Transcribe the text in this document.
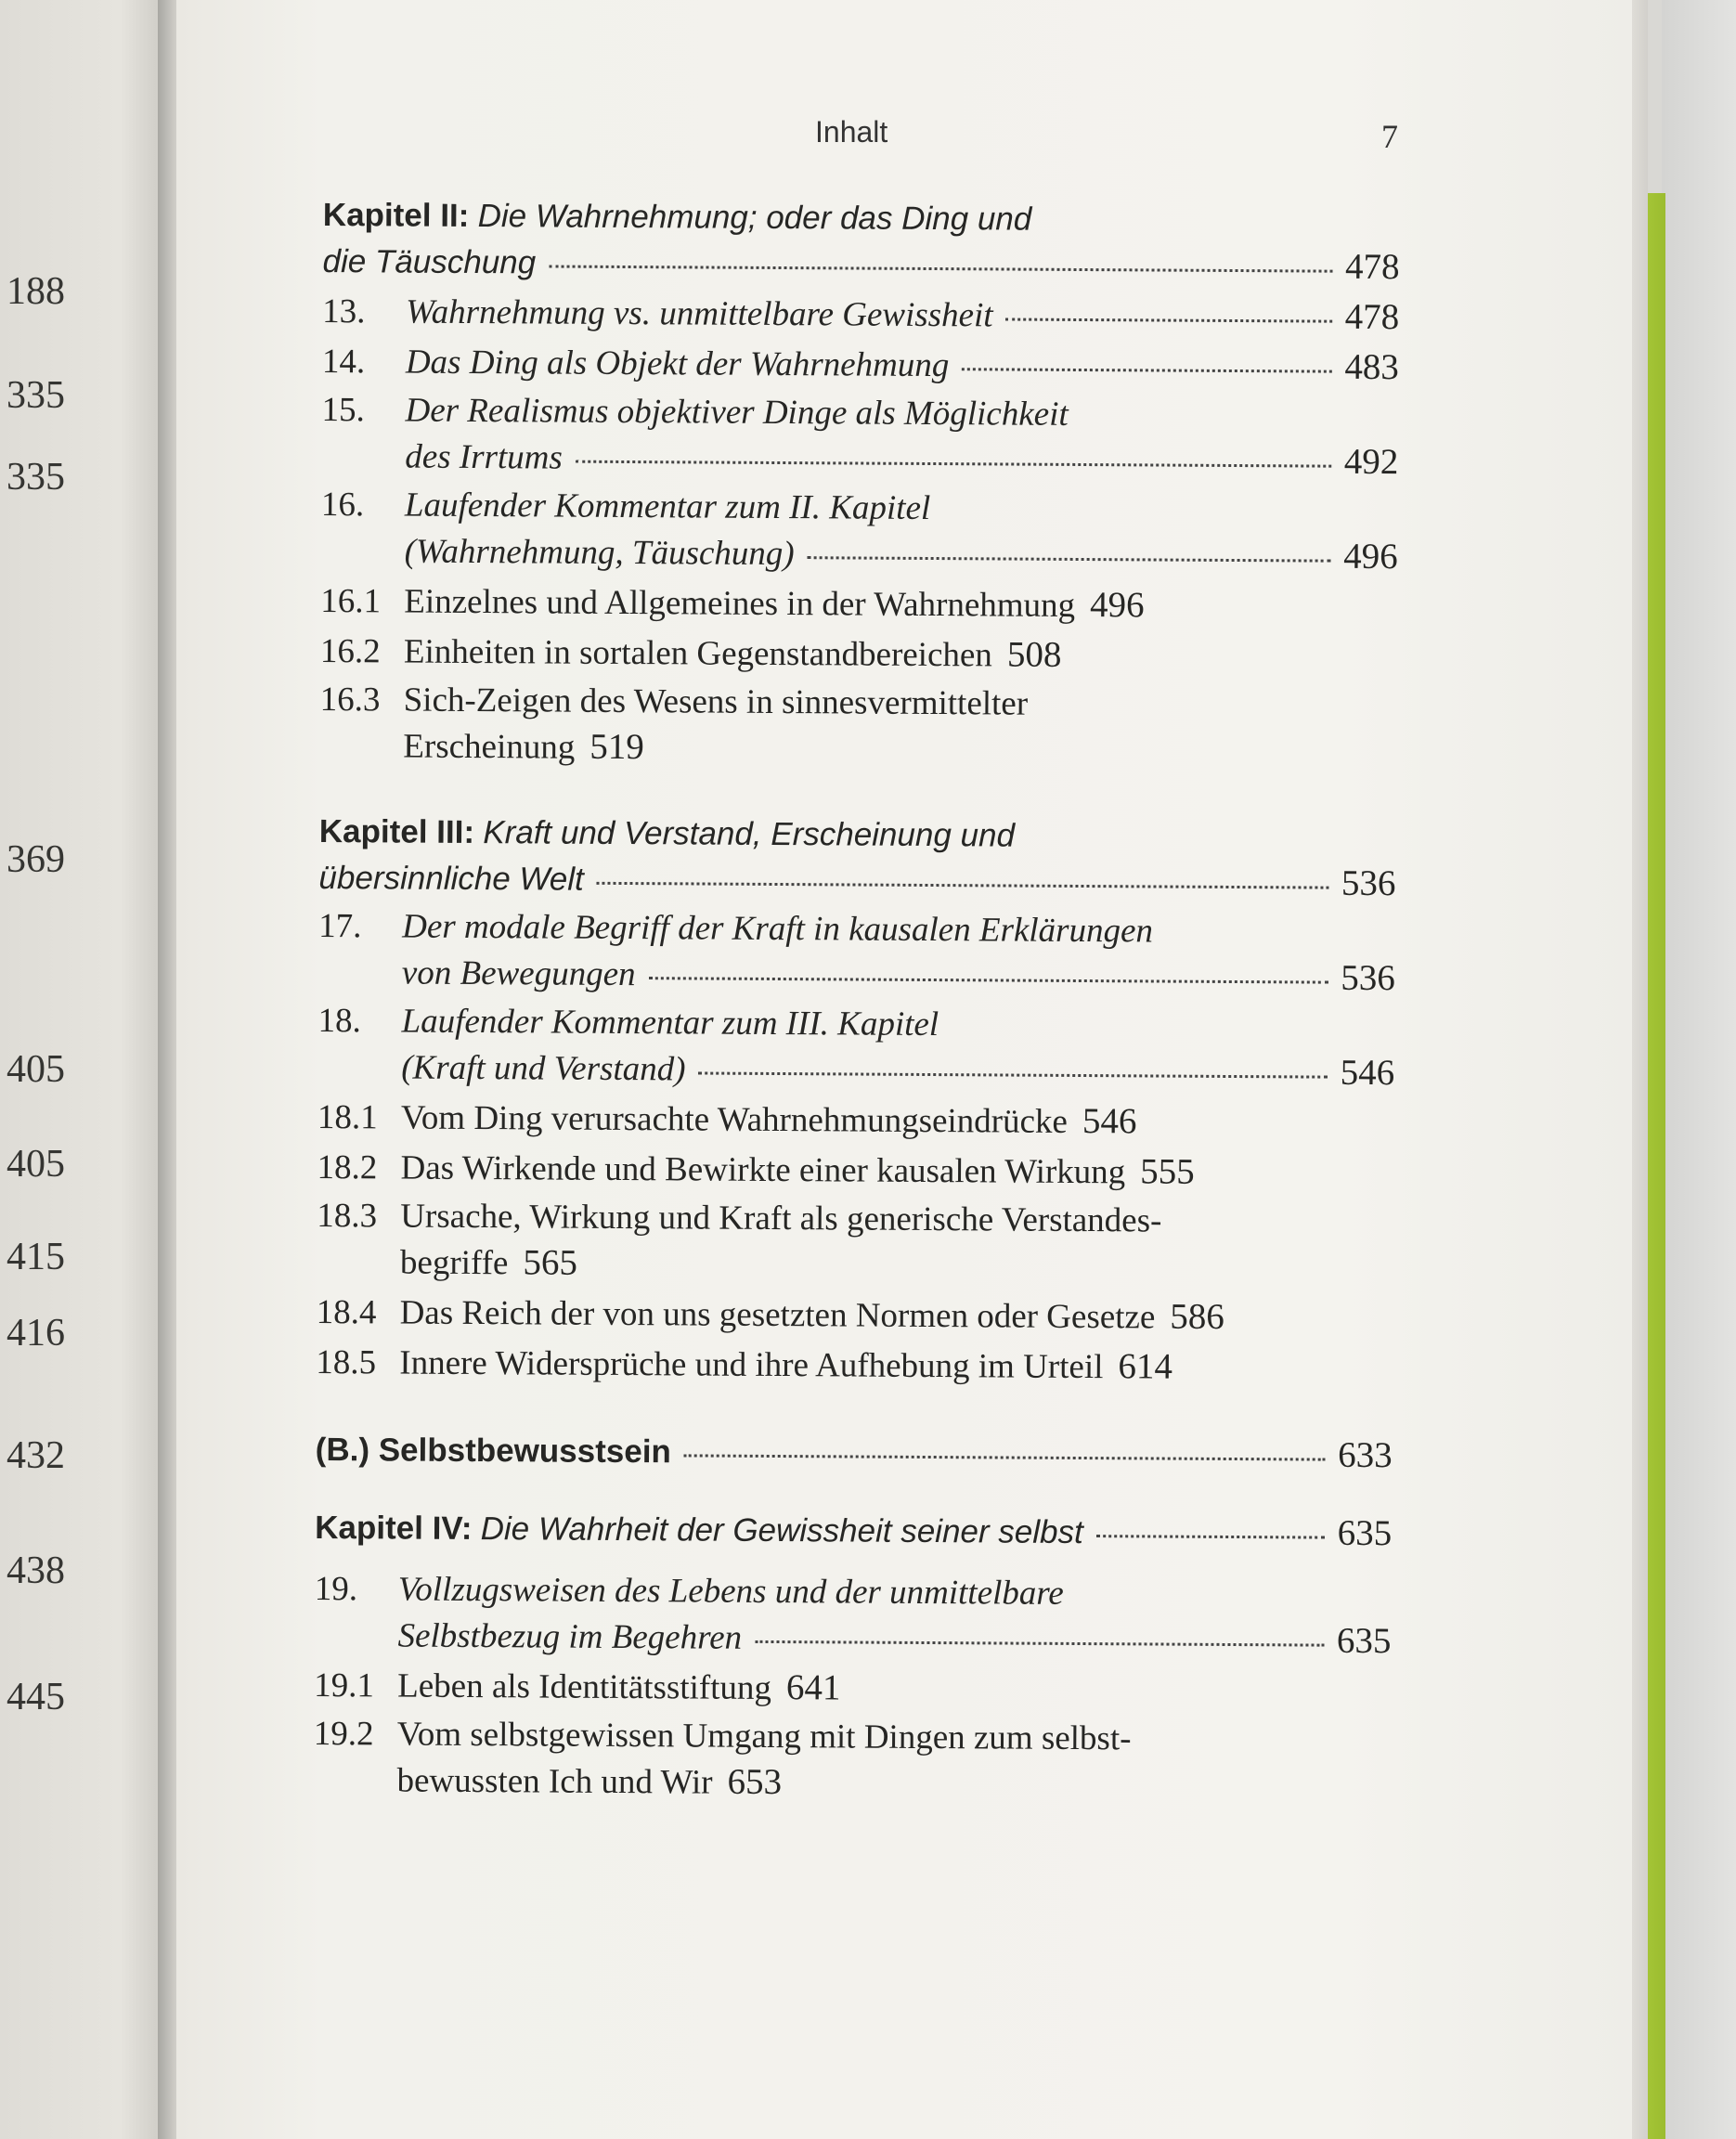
188
335
335
369
405
405
415
416
432
438
445
Inhalt	7
Kapitel II:
Die Wahrnehmung; oder das Ding und
die Täuschung	478
13.	Wahrnehmung vs. unmittelbare Gewissheit	478
14.	Das Ding als Objekt der Wahrnehmung	483
15.	Der Realismus objektiver Dinge als Möglichkeit
des Irrtums	492
16.	Laufender Kommentar zum II. Kapitel
(Wahrnehmung, Täuschung)	496
16.1 Einzelnes und Allgemeines in der Wahrnehmung 496
16.2 Einheiten in sortalen Gegenstandbereichen 508
16.3 Sich-Zeigen des Wesens in sinnesvermittelter
Erscheinung 519
Kapitel III:
Kraft und Verstand, Erscheinung und
übersinnliche Welt	536
17.	Der modale Begriff der Kraft in kausalen Erklärungen
von Bewegungen	536
18.	Laufender Kommentar zum III. Kapitel
(Kraft und Verstand)	546
18.1 Vom Ding verursachte Wahrnehmungseindrücke 546
18.2 Das Wirkende und Bewirkte einer kausalen Wirkung 555
18.3 Ursache, Wirkung und Kraft als generische Verstandes-
begriffe 565
18.4 Das Reich der von uns gesetzten Normen oder Gesetze 586
18.5 Innere Widersprüche und ihre Aufhebung im Urteil 614
(B.) Selbstbewusstsein	633
Kapitel IV:
Die Wahrheit der Gewissheit seiner selbst	635
19.	Vollzugsweisen des Lebens und der unmittelbare
Selbstbezug im Begehren	635
19.1 Leben als Identitätsstiftung 641
19.2 Vom selbstgewissen Umgang mit Dingen zum selbst-
bewussten Ich und Wir 653
